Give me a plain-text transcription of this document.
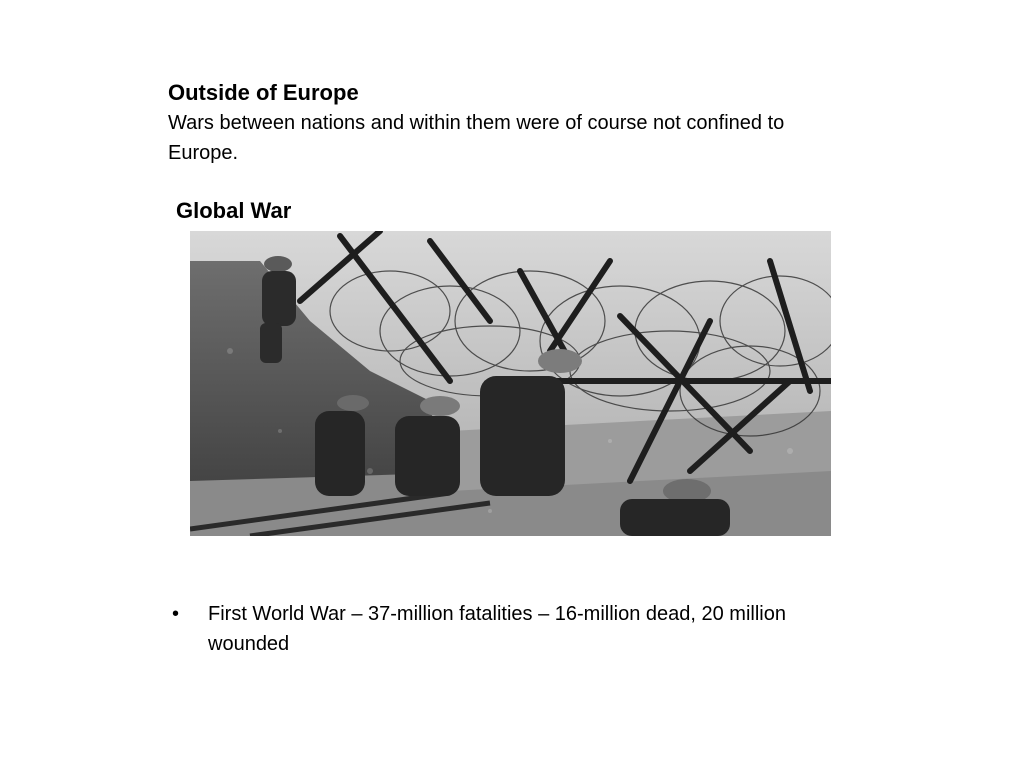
Outside of Europe

Wars between nations and within them were of course not confined to Europe.

Global War
•	First World War – 37-million fatalities – 16-million dead, 20 million wounded
